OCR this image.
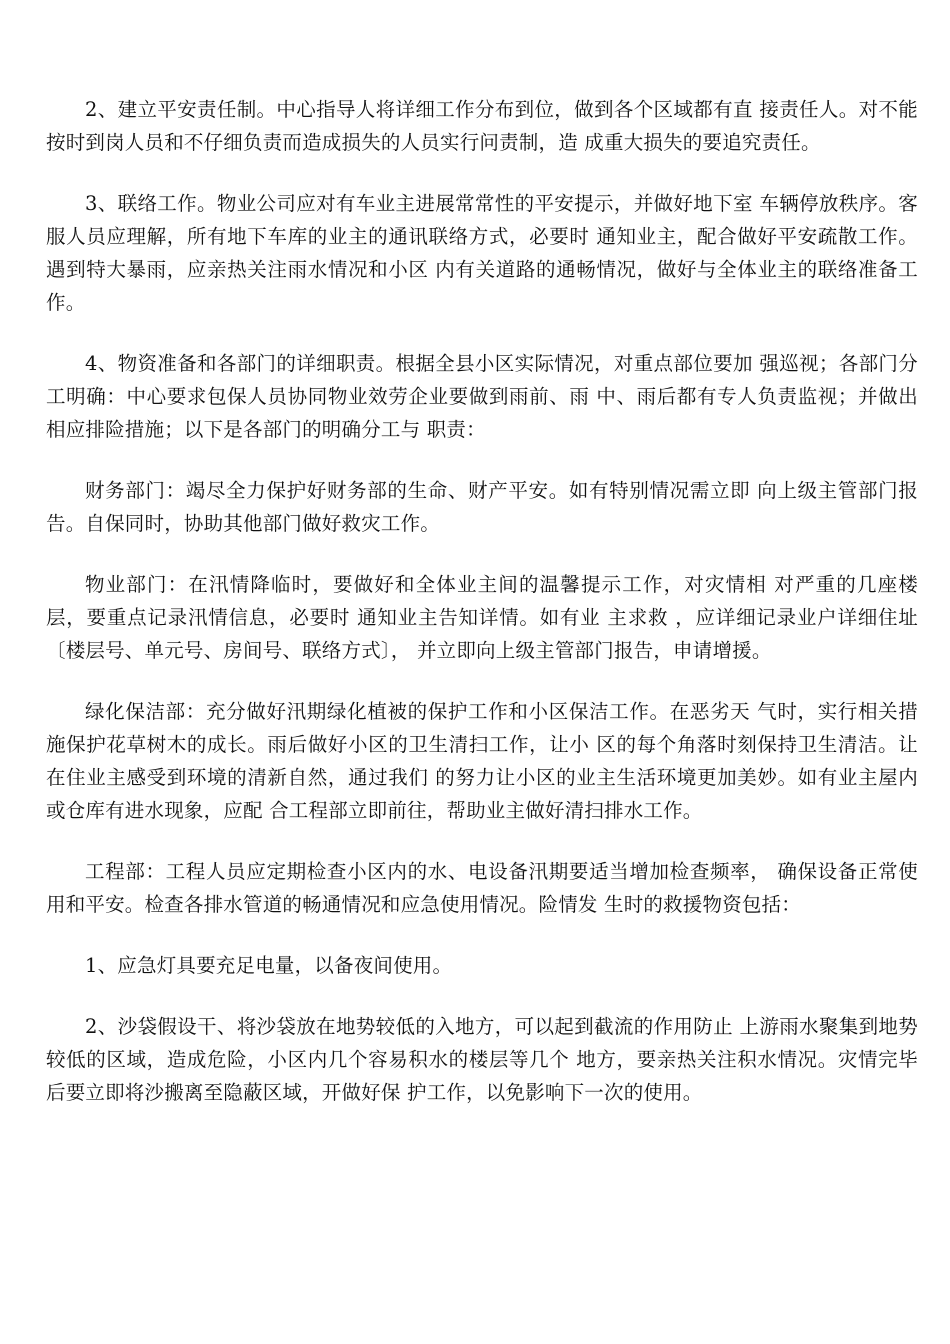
2、建立平安责任制。中心指导人将详细工作分布到位，做到各个区域都有直 接责任人。对不能按时到岗人员和不仔细负责而造成损失的人员实行问责制，造 成重大损失的要追究责任。

3、联络工作。物业公司应对有车业主进展常常性的平安提示，并做好地下室 车辆停放秩序。客服人员应理解，所有地下车库的业主的通讯联络方式，必要时 通知业主，配合做好平安疏散工作。遇到特大暴雨，应亲热关注雨水情况和小区 内有关道路的通畅情况，做好与全体业主的联络准备工作。

4、物资准备和各部门的详细职责。根据全县小区实际情况，对重点部位要加 强巡视；各部门分工明确：中心要求包保人员协同物业效劳企业要做到雨前、雨 中、雨后都有专人负责监视；并做出相应排险措施；以下是各部门的明确分工与 职责：

财务部门：竭尽全力保护好财务部的生命、财产平安。如有特别情况需立即 向上级主管部门报告。自保同时，协助其他部门做好救灾工作。

物业部门：在汛情降临时，要做好和全体业主间的温馨提示工作，对灾情相 对严重的几座楼层，要重点记录汛情信息，必要时 通知业主告知详情。如有业 主求救 ，应详细记录业户详细住址〔楼层号、单元号、房间号、联络方式〕， 并立即向上级主管部门报告，申请增援。

绿化保洁部：充分做好汛期绿化植被的保护工作和小区保洁工作。在恶劣天 气时，实行相关措施保护花草树木的成长。雨后做好小区的卫生清扫工作，让小 区的每个角落时刻保持卫生清洁。让在住业主感受到环境的清新自然，通过我们 的努力让小区的业主生活环境更加美妙。如有业主屋内或仓库有进水现象，应配 合工程部立即前往，帮助业主做好清扫排水工作。

工程部：工程人员应定期检查小区内的水、电设备汛期要适当增加检查频率， 确保设备正常使用和平安。检查各排水管道的畅通情况和应急使用情况。险情发 生时的救援物资包括：

1、应急灯具要充足电量，以备夜间使用。

2、沙袋假设干、将沙袋放在地势较低的入地方，可以起到截流的作用防止 上游雨水聚集到地势较低的区域，造成危险，小区内几个容易积水的楼层等几个 地方，要亲热关注积水情况。灾情完毕后要立即将沙搬离至隐蔽区域，开做好保 护工作，以免影响下一次的使用。
